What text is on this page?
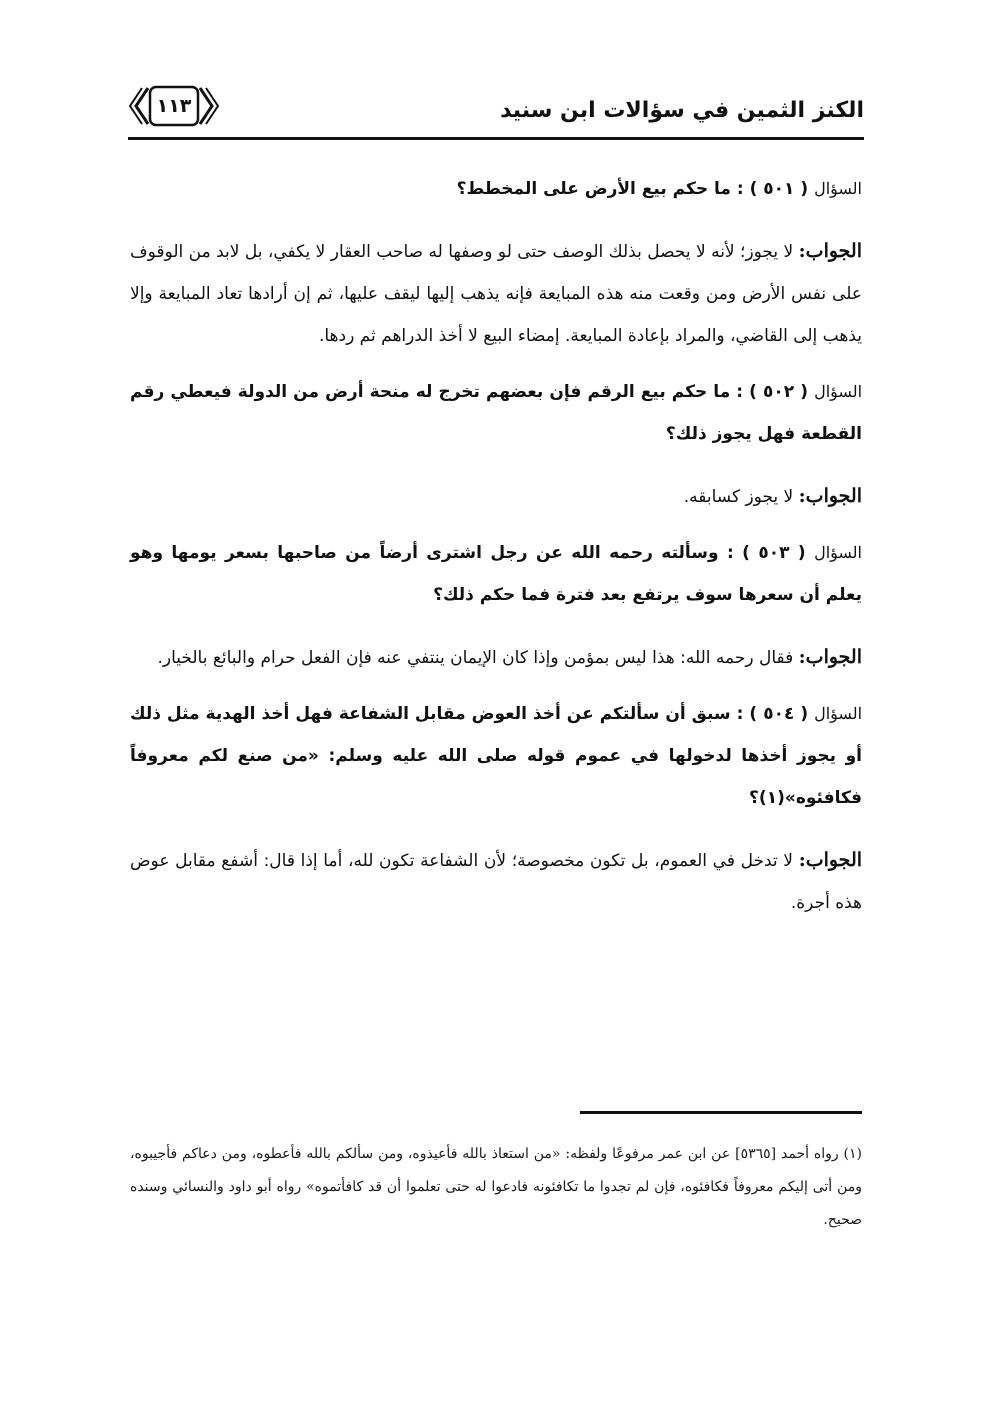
الكنز الثمين في سؤالات ابن سنيد
١١٣

السؤال ( ٥٠١ ) : ما حكم بيع الأرض على المخطط؟

الجواب: لا يجوز؛ لأنه لا يحصل بذلك الوصف حتى لو وصفها له صاحب العقار لا يكفي، بل لابد من الوقوف على نفس الأرض ومن وقعت منه هذه المبايعة فإنه يذهب إليها ليقف عليها، ثم إن أرادها تعاد المبايعة وإلا يذهب إلى القاضي، والمراد بإعادة المبايعة. إمضاء البيع لا أخذ الدراهم ثم ردها.

السؤال ( ٥٠٢ ) : ما حكم بيع الرقم فإن بعضهم تخرج له منحة أرض من الدولة فيعطي رقم القطعة فهل يجوز ذلك؟

الجواب: لا يجوز كسابقه.

السؤال ( ٥٠٣ ) : وسألته رحمه الله عن رجل اشترى أرضاً من صاحبها بسعر يومها وهو يعلم أن سعرها سوف يرتفع بعد فترة فما حكم ذلك؟

الجواب: فقال رحمه الله: هذا ليس بمؤمن وإذا كان الإيمان ينتفي عنه فإن الفعل حرام والبائع بالخيار.

السؤال ( ٥٠٤ ) : سبق أن سألتكم عن أخذ العوض مقابل الشفاعة فهل أخذ الهدية مثل ذلك أو يجوز أخذها لدخولها في عموم قوله صلى الله عليه وسلم: «من صنع لكم معروفاً فكافئوه»(١)؟

الجواب: لا تدخل في العموم، بل تكون مخصوصة؛ لأن الشفاعة تكون لله، أما إذا قال: أشفع مقابل عوض هذه أجرة.

(١) رواه أحمد [٥٣٦٥] عن ابن عمر مرفوعًا ولفظه: «من استعاذ بالله فأعيذوه، ومن سألكم بالله فأعطوه، ومن دعاكم فأجيبوه، ومن أتى إليكم معروفاً فكافئوه، فإن لم تجدوا ما تكافئونه فادعوا له حتى تعلموا أن قد كافأتموه» رواه أبو داود والنسائي وسنده صحيح.
